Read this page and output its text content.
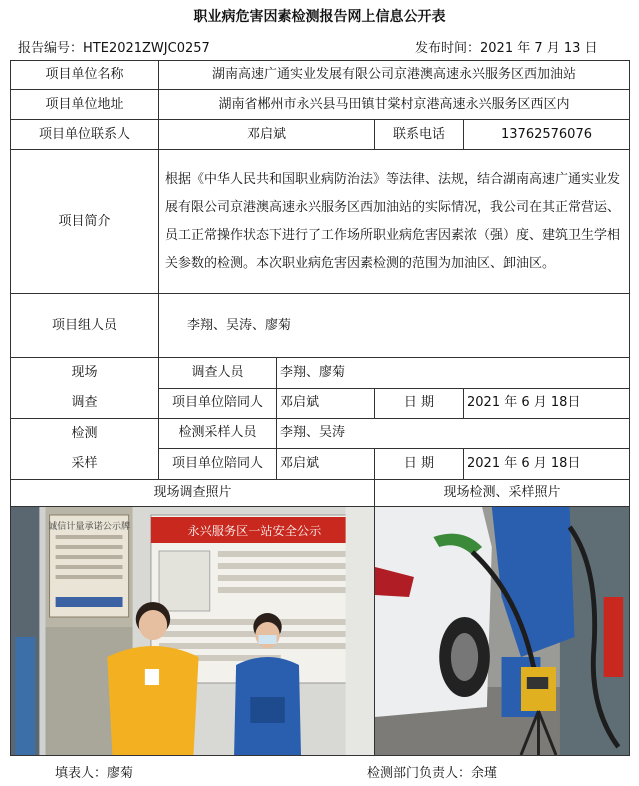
职业病危害因素检测报告网上信息公开表
报告编号：HTE2021ZWJC0257	发布时间：2021 年 7 月 13 日
项目单位名称	湖南高速广通实业发展有限公司京港澳高速永兴服务区西加油站			
项目单位地址	湖南省郴州市永兴县马田镇甘棠村京港高速永兴服务区西区内			
项目单位联系人	邓启斌		联系电话	13762576076
项目简介	根据《中华人民共和国职业病防治法》等法律、法规，结合湖南高速广通实业发展有限公司京港澳高速永兴服务区西加油站的实际情况，我公司在其正常营运、员工正常操作状态下进行了工作场所职业病危害因素浓（强）度、建筑卫生学相关参数的检测。本次职业病危害因素检测的范围为加油区、卸油区。			
项目组人员	李翔、吴涛、廖菊			

现场
调查	调查人员	李翔、廖菊		
	项目单位陪同人	邓启斌	日 期	2021 年 6 月 18日

检测
采样	检测采样人员	李翔、吴涛		
	项目单位陪同人	邓启斌	日 期	2021 年 6 月 18日
现场调查照片			现场检测、采样照片	

诚信计量承诺公示牌 永兴服务区一站安全公示

填表人：廖菊	检测部门负责人：余瑾
